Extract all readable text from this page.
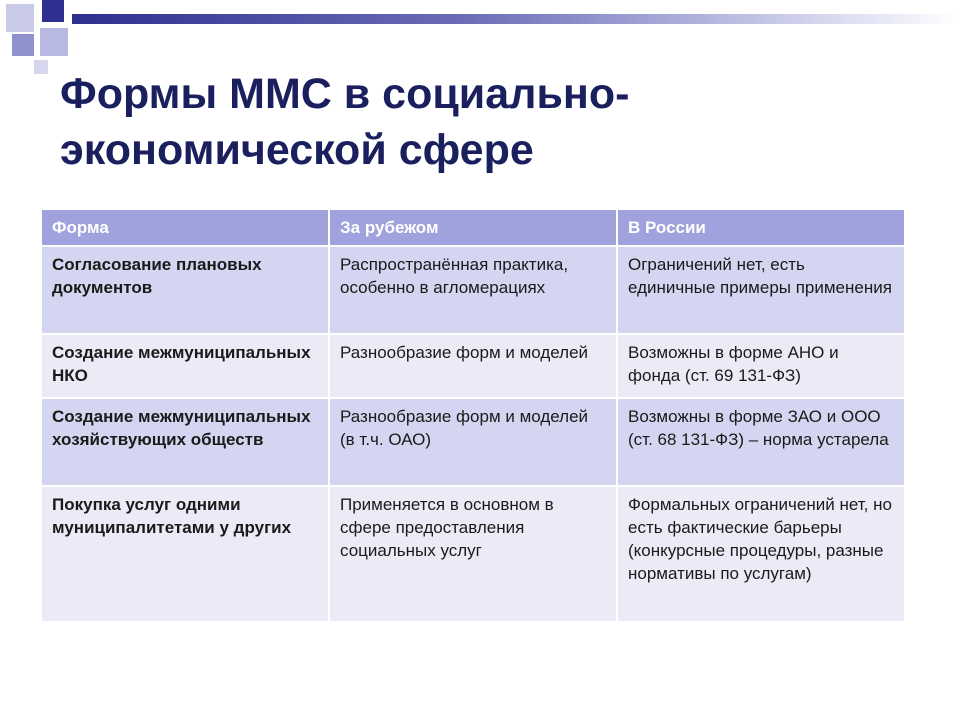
Формы ММС в социально-
экономической сфере
Форма	За рубежом	В России
Согласование плановых документов	Распространённая практика, особенно в агломерациях	Ограничений нет, есть единичные примеры применения
Создание межмуниципальных НКО	Разнообразие форм и моделей	Возможны в форме АНО и фонда (ст. 69 131-ФЗ)
Создание межмуниципальных хозяйствующих обществ	Разнообразие форм и моделей (в т.ч. ОАО)	Возможны в форме ЗАО и ООО (ст. 68 131-ФЗ) – норма устарела
Покупка услуг одними муниципалитетами у других	Применяется в основном в сфере предоставления социальных услуг	Формальных ограничений нет, но есть фактические барьеры (конкурсные процедуры, разные нормативы по услугам)
